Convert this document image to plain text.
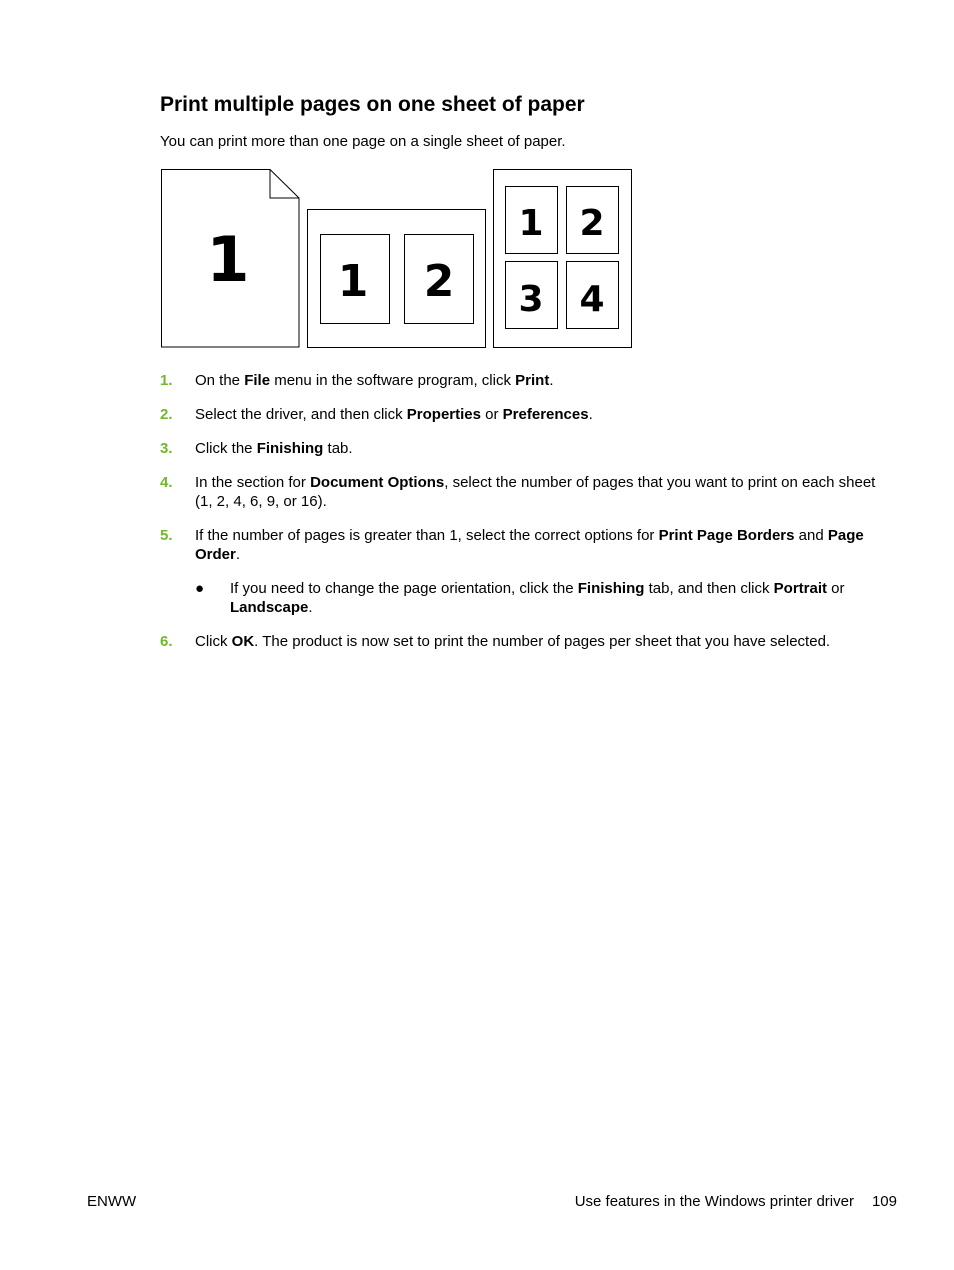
Print multiple pages on one sheet of paper

You can print more than one page on a single sheet of paper.

1 1 2
1 2
3 4
1. On the File menu in the software program, click Print.
2. Select the driver, and then click Properties or Preferences.
3. Click the Finishing tab.
4. In the section for Document Options, select the number of pages that you want to print on each sheet (1, 2, 4, 6, 9, or 16).
5. If the number of pages is greater than 1, select the correct options for Print Page Borders and Page Order.
● If you need to change the page orientation, click the Finishing tab, and then click Portrait or Landscape.
6. Click OK. The product is now set to print the number of pages per sheet that you have selected.
ENWW	Use features in the Windows printer driver 109
